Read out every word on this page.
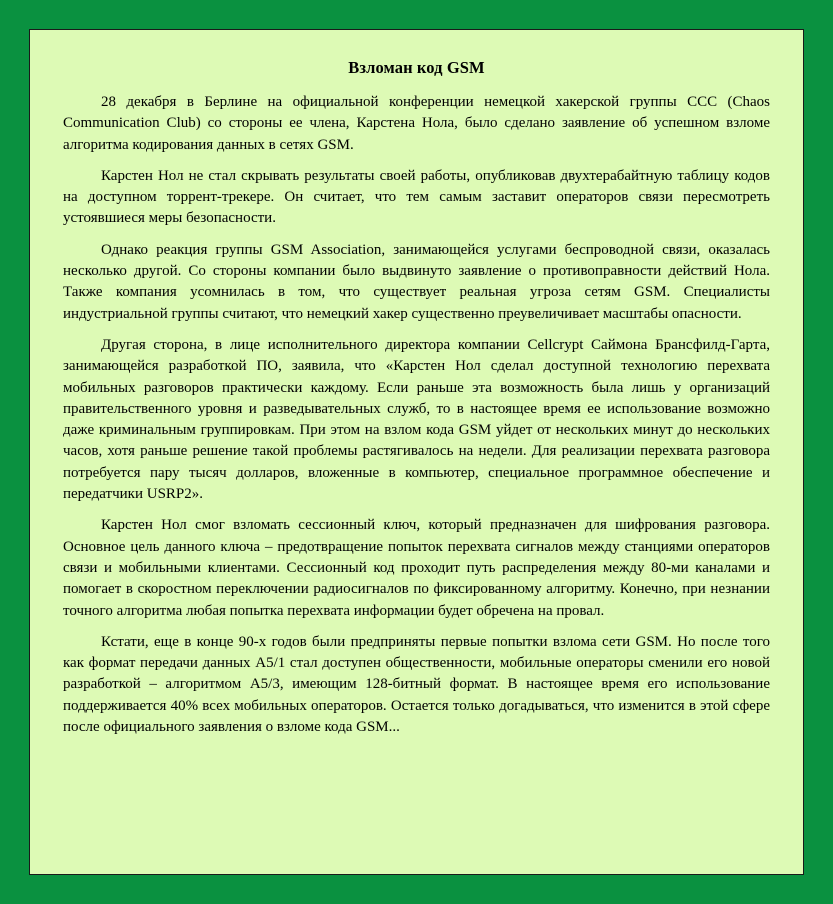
Взломан код GSM

28 декабря в Берлине на официальной конференции немецкой хакерской группы CCC (Chaos Communication Club) со стороны ее члена, Карстена Нола, было сделано заявление об успешном взломе алгоритма кодирования данных в сетях GSM.

Карстен Нол не стал скрывать результаты своей работы, опубликовав двухтерабайтную таблицу кодов на доступном торрент-трекере. Он считает, что тем самым заставит операторов связи пересмотреть устоявшиеся меры безопасности.

Однако реакция группы GSM Association, занимающейся услугами беспроводной связи, оказалась несколько другой. Со стороны компании было выдвинуто заявление о противоправности действий Нола. Также компания усомнилась в том, что существует реальная угроза сетям GSM. Специалисты индустриальной группы считают, что немецкий хакер существенно преувеличивает масштабы опасности.

Другая сторона, в лице исполнительного директора компании Cellcrypt Саймона Брансфилд-Гарта, занимающейся разработкой ПО, заявила, что «Карстен Нол сделал доступной технологию перехвата мобильных разговоров практически каждому. Если раньше эта возможность была лишь у организаций правительственного уровня и разведывательных служб, то в настоящее время ее использование возможно даже криминальным группировкам. При этом на взлом кода GSM уйдет от нескольких минут до нескольких часов, хотя раньше решение такой проблемы растягивалось на недели. Для реализации перехвата разговора потребуется пару тысяч долларов, вложенные в компьютер, специальное программное обеспечение и передатчики USRP2».

Карстен Нол смог взломать сессионный ключ, который предназначен для шифрования разговора. Основное цель данного ключа – предотвращение попыток перехвата сигналов между станциями операторов связи и мобильными клиентами. Сессионный код проходит путь распределения между 80-ми каналами и помогает в скоростном переключении радиосигналов по фиксированному алгоритму. Конечно, при незнании точного алгоритма любая попытка перехвата информации будет обречена на провал.

Кстати, еще в конце 90-х годов были предприняты первые попытки взлома сети GSM. Но после того как формат передачи данных A5/1 стал доступен общественности, мобильные операторы сменили его новой разработкой – алгоритмом A5/3, имеющим 128-битный формат. В настоящее время его использование поддерживается 40% всех мобильных операторов. Остается только догадываться, что изменится в этой сфере после официального заявления о взломе кода GSM...
